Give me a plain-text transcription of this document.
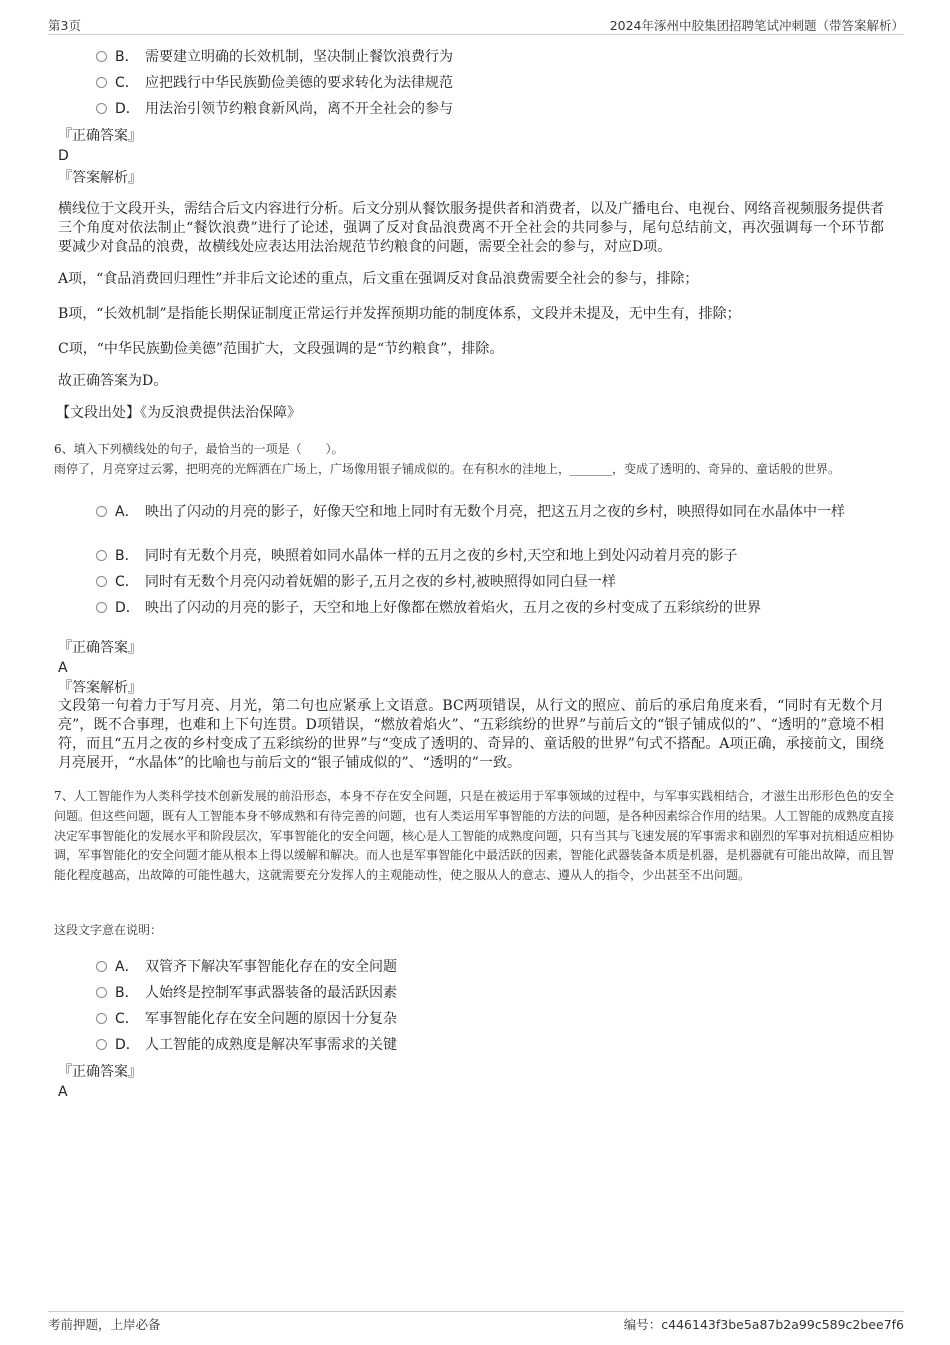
第3页	2024年涿州中胶集团招聘笔试冲刺题（带答案解析）
B． 需要建立明确的长效机制，坚决制止餐饮浪费行为
C． 应把践行中华民族勤俭美德的要求转化为法律规范
D． 用法治引领节约粮食新风尚，离不开全社会的参与
『正确答案』
D
『答案解析』
横线位于文段开头，需结合后文内容进行分析。后文分别从餐饮服务提供者和消费者，以及广播电台、电视台、网络音视频服务提供者三个角度对依法制止“餐饮浪费”进行了论述，强调了反对食品浪费离不开全社会的共同参与，尾句总结前文，再次强调每一个环节都要减少对食品的浪费，故横线处应表达用法治规范节约粮食的问题，需要全社会的参与，对应D项。
A项，“食品消费回归理性”并非后文论述的重点，后文重在强调反对食品浪费需要全社会的参与，排除；
B项，“长效机制”是指能长期保证制度正常运行并发挥预期功能的制度体系，文段并未提及，无中生有，排除；
C项，“中华民族勤俭美德”范围扩大，文段强调的是“节约粮食”，排除。
故正确答案为D。
【文段出处】《为反浪费提供法治保障》
6、填入下列横线处的句子，最恰当的一项是（　　）。
雨停了，月亮穿过云雾，把明亮的光辉洒在广场上，广场像用银子铺成似的。在有积水的洼地上，_______，变成了透明的、奇异的、童话般的世界。
A． 映出了闪动的月亮的影子，好像天空和地上同时有无数个月亮，把这五月之夜的乡村，映照得如同在水晶体中一样
B． 同时有无数个月亮，映照着如同水晶体一样的五月之夜的乡村,天空和地上到处闪动着月亮的影子
C． 同时有无数个月亮闪动着妩媚的影子,五月之夜的乡村,被映照得如同白昼一样
D． 映出了闪动的月亮的影子，天空和地上好像都在燃放着焰火，五月之夜的乡村变成了五彩缤纷的世界
『正确答案』
A
『答案解析』
文段第一句着力于写月亮、月光，第二句也应紧承上文语意。BC两项错误，从行文的照应、前后的承启角度来看，“同时有无数个月亮”，既不合事理，也难和上下句连贯。D项错误，“燃放着焰火”、“五彩缤纷的世界”与前后文的“银子铺成似的”、“透明的”意境不相符，而且“五月之夜的乡村变成了五彩缤纷的世界”与“变成了透明的、奇异的、童话般的世界”句式不搭配。A项正确，承接前文，围绕月亮展开，“水晶体”的比喻也与前后文的“银子铺成似的”、“透明的”一致。
7、人工智能作为人类科学技术创新发展的前沿形态，本身不存在安全问题，只是在被运用于军事领域的过程中，与军事实践相结合，才滋生出形形色色的安全问题。但这些问题，既有人工智能本身不够成熟和有待完善的问题，也有人类运用军事智能的方法的问题，是各种因素综合作用的结果。人工智能的成熟度直接决定军事智能化的发展水平和阶段层次，军事智能化的安全问题，核心是人工智能的成熟度问题，只有当其与飞速发展的军事需求和剧烈的军事对抗相适应相协调，军事智能化的安全问题才能从根本上得以缓解和解决。而人也是军事智能化中最活跃的因素，智能化武器装备本质是机器，是机器就有可能出故障，而且智能化程度越高，出故障的可能性越大，这就需要充分发挥人的主观能动性，使之服从人的意志、遵从人的指令，少出甚至不出问题。
这段文字意在说明：
A． 双管齐下解决军事智能化存在的安全问题
B． 人始终是控制军事武器装备的最活跃因素
C． 军事智能化存在安全问题的原因十分复杂
D． 人工智能的成熟度是解决军事需求的关键
『正确答案』
A
考前押题，上岸必备	编号：c446143f3be5a87b2a99c589c2bee7f6
